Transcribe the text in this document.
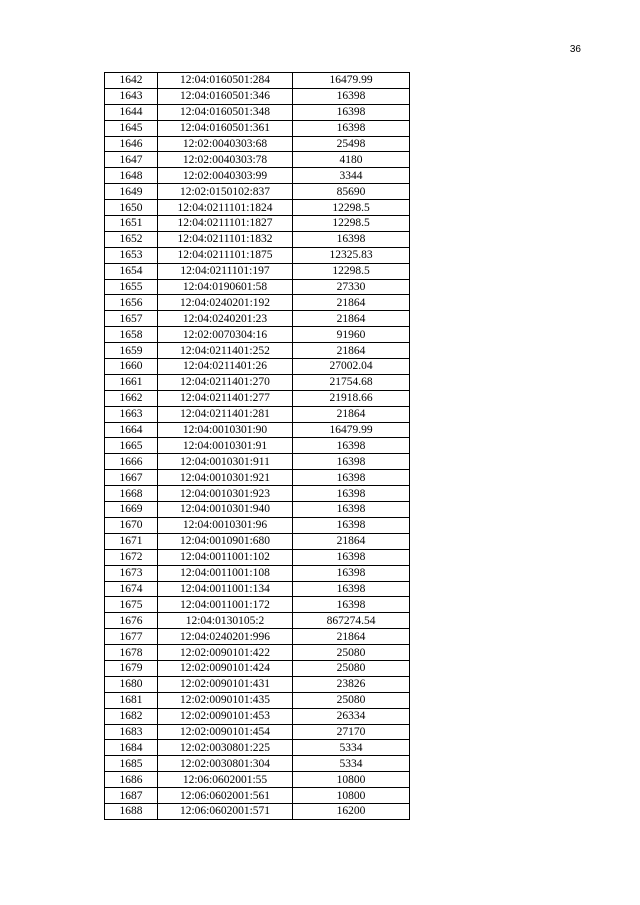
36
1642	12:04:0160501:284	16479.99
1643	12:04:0160501:346	16398
1644	12:04:0160501:348	16398
1645	12:04:0160501:361	16398
1646	12:02:0040303:68	25498
1647	12:02:0040303:78	4180
1648	12:02:0040303:99	3344
1649	12:02:0150102:837	85690
1650	12:04:0211101:1824	12298.5
1651	12:04:0211101:1827	12298.5
1652	12:04:0211101:1832	16398
1653	12:04:0211101:1875	12325.83
1654	12:04:0211101:197	12298.5
1655	12:04:0190601:58	27330
1656	12:04:0240201:192	21864
1657	12:04:0240201:23	21864
1658	12:02:0070304:16	91960
1659	12:04:0211401:252	21864
1660	12:04:0211401:26	27002.04
1661	12:04:0211401:270	21754.68
1662	12:04:0211401:277	21918.66
1663	12:04:0211401:281	21864
1664	12:04:0010301:90	16479.99
1665	12:04:0010301:91	16398
1666	12:04:0010301:911	16398
1667	12:04:0010301:921	16398
1668	12:04:0010301:923	16398
1669	12:04:0010301:940	16398
1670	12:04:0010301:96	16398
1671	12:04:0010901:680	21864
1672	12:04:0011001:102	16398
1673	12:04:0011001:108	16398
1674	12:04:0011001:134	16398
1675	12:04:0011001:172	16398
1676	12:04:0130105:2	867274.54
1677	12:04:0240201:996	21864
1678	12:02:0090101:422	25080
1679	12:02:0090101:424	25080
1680	12:02:0090101:431	23826
1681	12:02:0090101:435	25080
1682	12:02:0090101:453	26334
1683	12:02:0090101:454	27170
1684	12:02:0030801:225	5334
1685	12:02:0030801:304	5334
1686	12:06:0602001:55	10800
1687	12:06:0602001:561	10800
1688	12:06:0602001:571	16200
